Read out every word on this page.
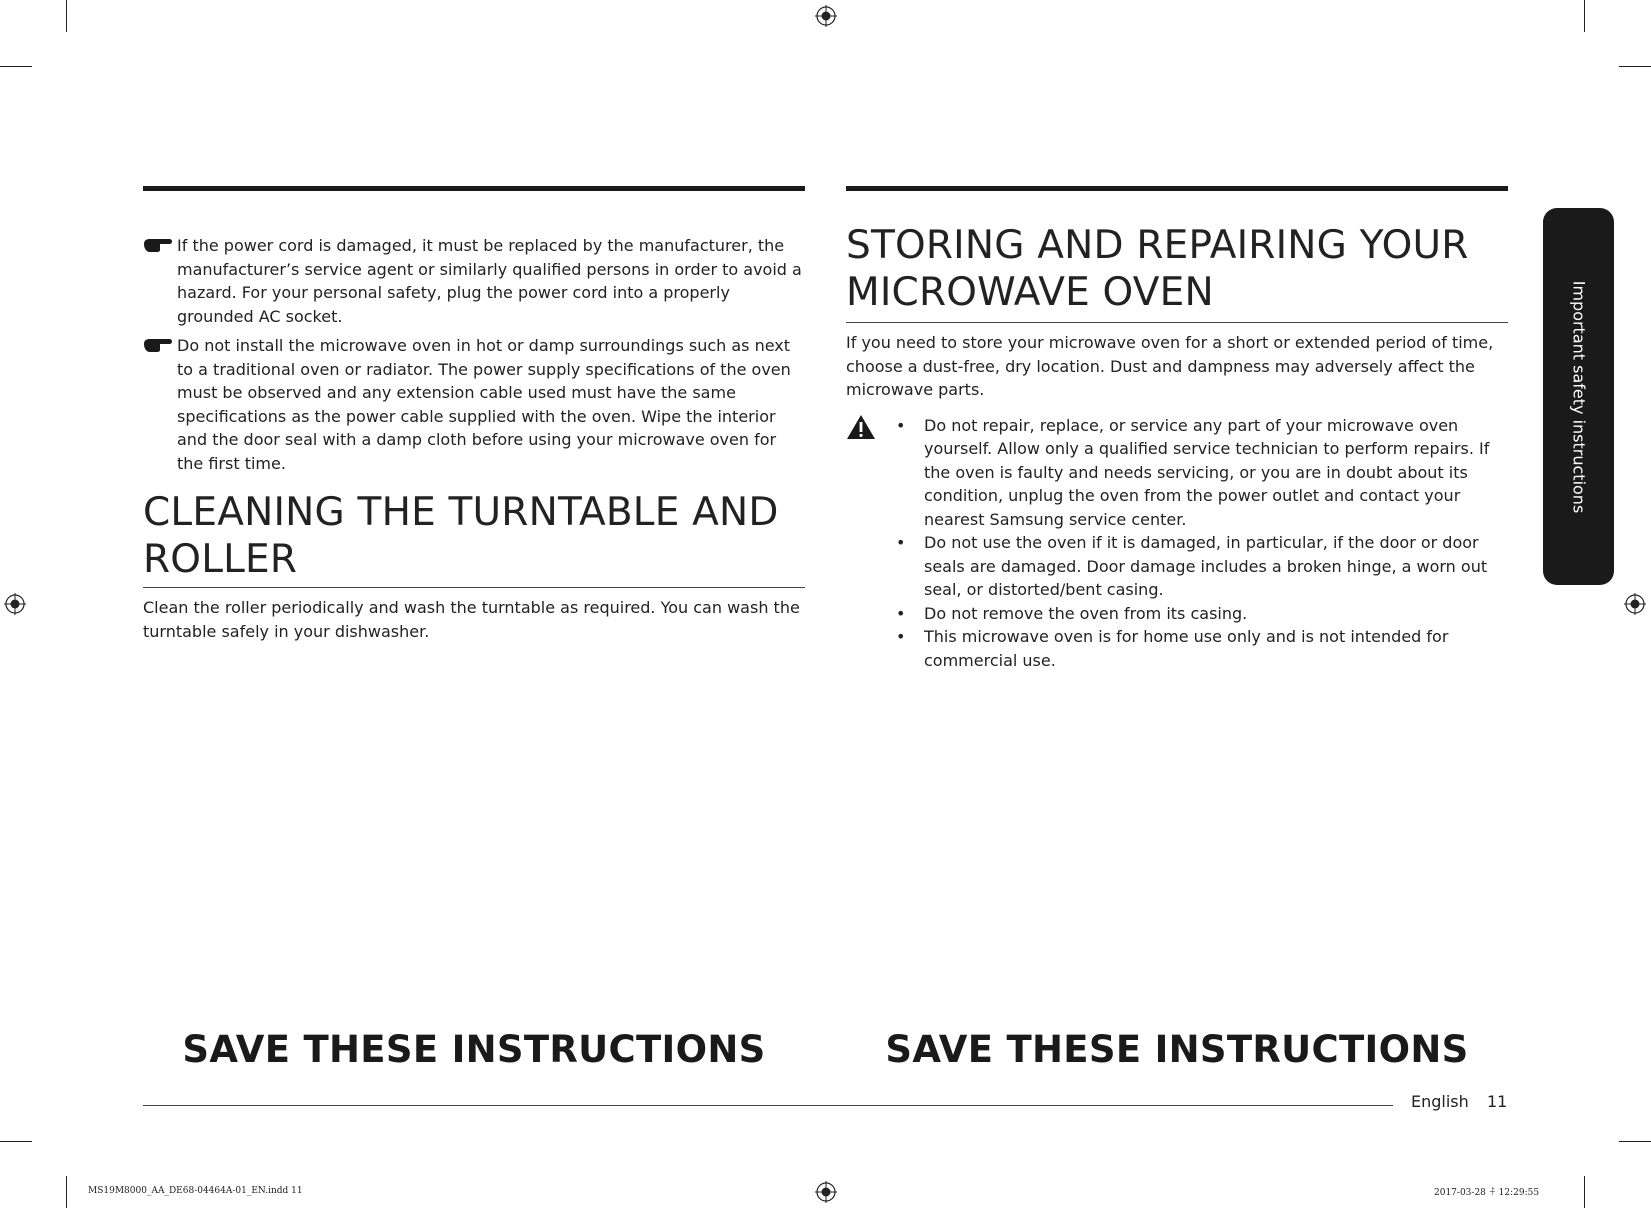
If the power cord is damaged, it must be replaced by the manufacturer, the manufacturer’s service agent or similarly qualified persons in order to avoid a hazard. For your personal safety, plug the power cord into a properly grounded AC socket.
Do not install the microwave oven in hot or damp surroundings such as next to a traditional oven or radiator. The power supply specifications of the oven must be observed and any extension cable used must have the same specifications as the power cable supplied with the oven. Wipe the interior and the door seal with a damp cloth before using your microwave oven for the first time.
CLEANING THE TURNTABLE AND
ROLLER
Clean the roller periodically and wash the turntable as required. You can wash the turntable safely in your dishwasher.
STORING AND REPAIRING YOUR
MICROWAVE OVEN
If you need to store your microwave oven for a short or extended period of time, choose a dust-free, dry location. Dust and dampness may adversely affect the microwave parts.
• Do not repair, replace, or service any part of your microwave oven yourself. Allow only a qualified service technician to perform repairs. If the oven is faulty and needs servicing, or you are in doubt about its condition, unplug the oven from the power outlet and contact your nearest Samsung service center.
• Do not use the oven if it is damaged, in particular, if the door or door seals are damaged. Door damage includes a broken hinge, a worn out seal, or distorted/bent casing.
• Do not remove the oven from its casing.
• This microwave oven is for home use only and is not intended for commercial use.
Important safety instructions
SAVE THESE INSTRUCTIONS	SAVE THESE INSTRUCTIONS
English 11
MS19M8000_AA_DE68-04464A-01_EN.indd 11	2017-03-28 ꊰ 12:29:55
